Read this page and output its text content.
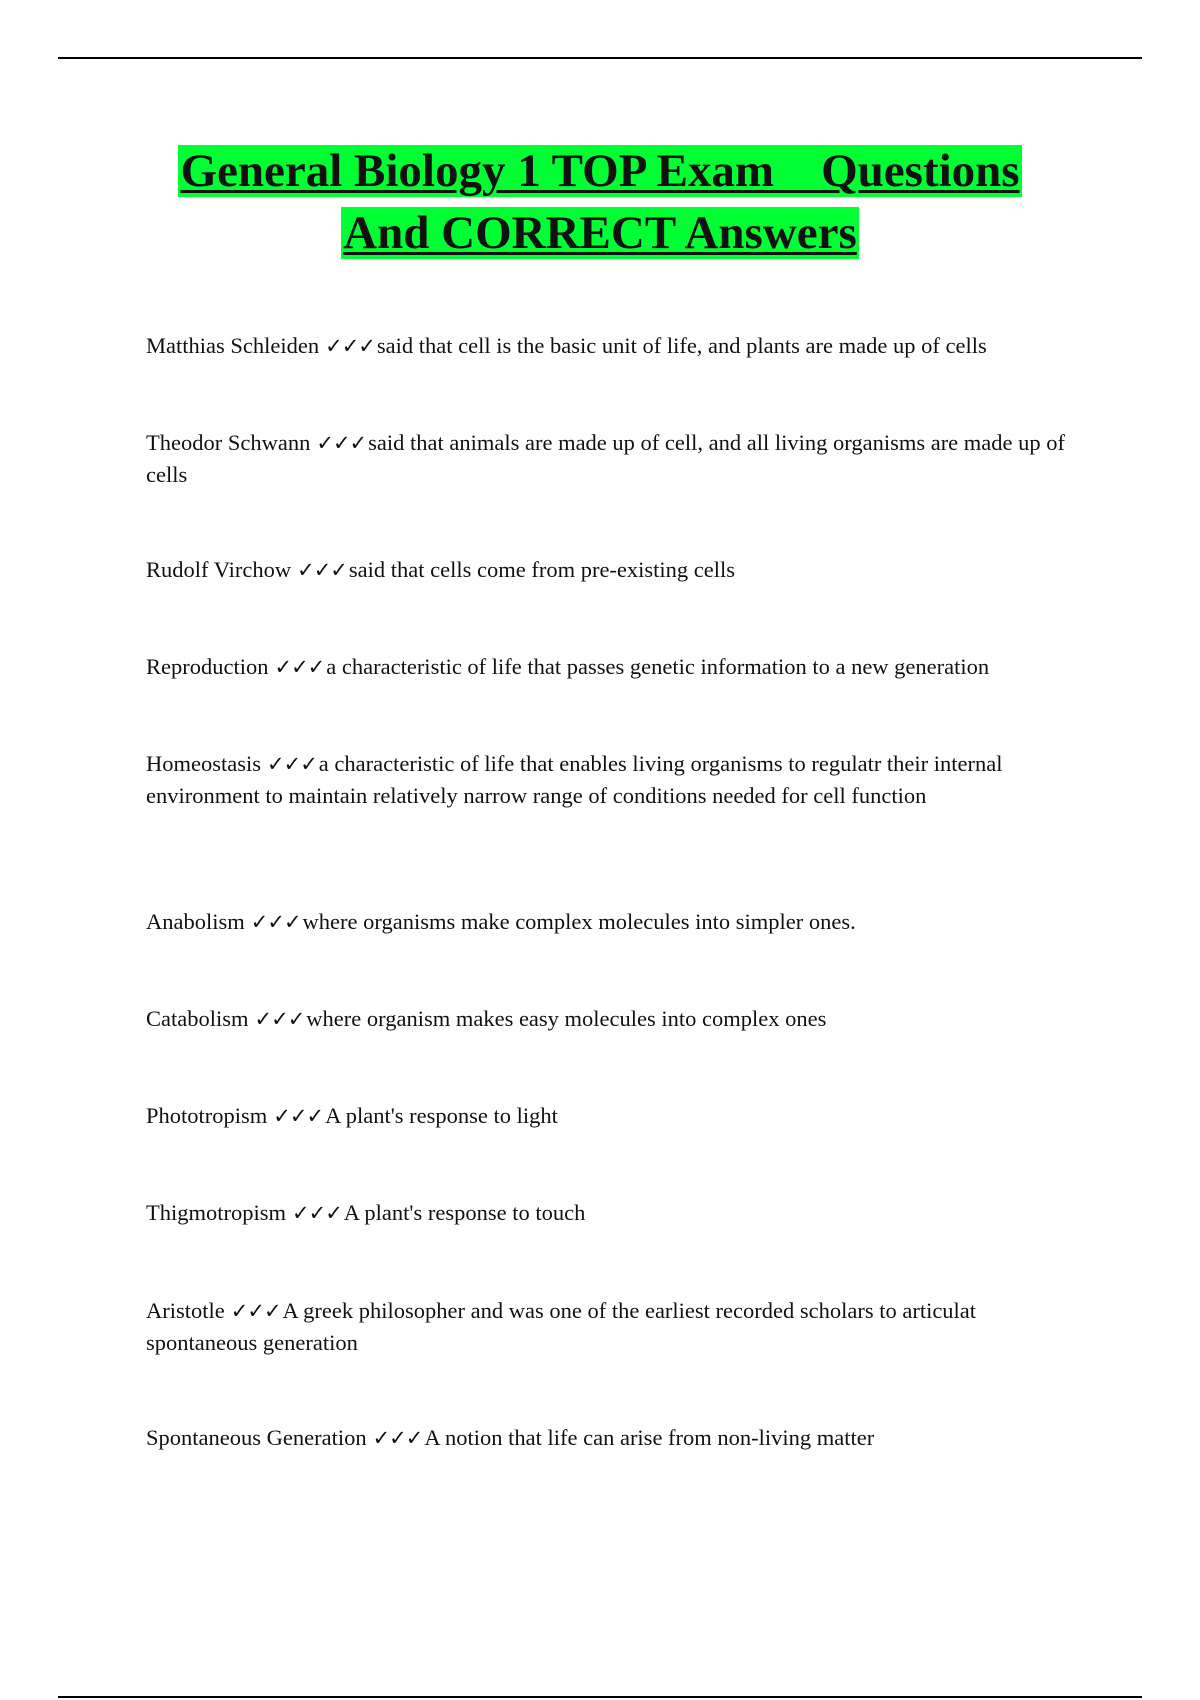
General Biology 1 TOP Exam    Questions
And CORRECT Answers

Matthias Schleiden ✓✓✓said that cell is the basic unit of life, and plants are made up of cells

Theodor Schwann ✓✓✓said that animals are made up of cell, and all living organisms are made up of cells

Rudolf Virchow ✓✓✓said that cells come from pre-existing cells

Reproduction ✓✓✓a characteristic of life that passes genetic information to a new generation

Homeostasis ✓✓✓a characteristic of life that enables living organisms to regulatr their internal environment to maintain relatively narrow range of conditions needed for cell function

Anabolism ✓✓✓where organisms make complex molecules into simpler ones.

Catabolism ✓✓✓where organism makes easy molecules into complex ones

Phototropism ✓✓✓A plant's response to light

Thigmotropism ✓✓✓A plant's response to touch

Aristotle ✓✓✓A greek philosopher and was one of the earliest recorded scholars to articulat spontaneous generation

Spontaneous Generation ✓✓✓A notion that life can arise from non-living matter
